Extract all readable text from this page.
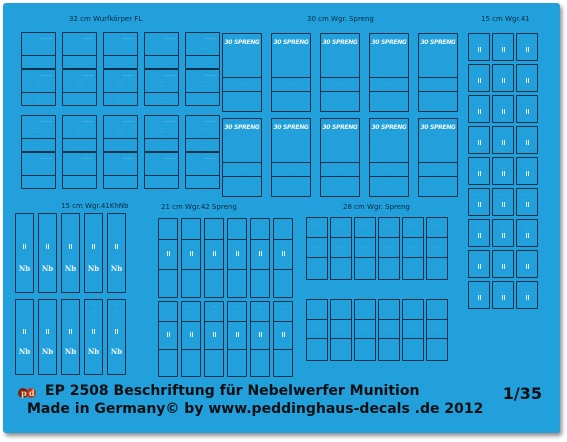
32 cm Wurfkörper FL	30 cm Wgr. Spreng	15 cm Wgr.41
15 cm Wgr.41KhNb	21 cm Wgr.42 Spreng	28 cm Wgr. Spreng
— — —
· · · ·
· · ·
· · ·
· · · ·
— — —
· · · ·
· · ·
· · ·
· · · ·
— — —
· · · ·
· · ·
· · ·
· · · ·
— — —
· · · ·
· · ·
· · ·
· · · ·
— — —
· · · ·
· · ·
· · ·
· · · ·
— — —
· · · ·
· · ·
· · ·
· · · ·
— — —
· · · ·
· · ·
· · ·
· · · ·
— — —
· · · ·
· · ·
· · ·
· · · ·
— — —
· · · ·
· · ·
· · ·
· · · ·
— — —
· · · ·
· · ·
· · ·
· · · ·
— — —
· · · ·
· · ·
· · ·
· · · ·
— — —
· · · ·
· · ·
· · ·
· · · ·
— — —
· · · ·
· · ·
· · ·
· · · ·
— — —
· · · ·
· · ·
· · ·
· · · ·
— — —
· · · ·
· · ·
· · ·
· · · ·
— — —
· · · ·
· · ·
· · ·
· · · ·
— — —
· · · ·
· · ·
· · ·
· · · ·
— — —
· · · ·
· · ·
· · ·
· · · ·
— — —
· · · ·
· · ·
· · ·
· · · ·
— — —
· · · ·
· · ·
· · ·
· · · ·
30 SPRENG
· · · · ·
· · ·
30 SPRENG
· · · · ·
· · ·
30 SPRENG
· · · · ·
· · ·
30 SPRENG
· · · · ·
· · ·
30 SPRENG
· · · · ·
· · ·
30 SPRENG
· · · · ·
· · ·
30 SPRENG
· · · · ·
· · ·
30 SPRENG
· · · · ·
· · ·
30 SPRENG
· · · · ·
· · ·
30 SPRENG
· · · · ·
· · ·
· · ·
· ·
· ·
· · ·
· ·
· ·
· · ·
· ·
· ·
· · ·
· ·
· ·
· · ·
· ·
· ·
· · ·
· ·
· ·
· · ·
· ·
· ·
· · ·
· ·
· ·
· · ·
· ·
· ·
· · ·
· ·
· ·
· · ·
· ·
· ·
· · ·
· ·
· ·
· · ·
· ·
· ·
· · ·
· ·
· ·
· · ·
· ·
· ·
· · ·
· ·
· ·
· · ·
· ·
· ·
· · ·
· ·
· ·
· · ·
· ·
· ·
· · ·
· ·
· ·
· · ·
· ·
· ·
· · ·
· ·
· ·
· · ·
· ·
· ·
· · ·
· ·
· ·
· · ·
· ·
· ·
· · ·
· ·
· ·
· · ·
· ·
· ·
· · ·
· ·
Nb
· · ·
· ·
Nb
· · ·
· ·
Nb
· · ·
· ·
Nb
· · ·
· ·
Nb
· · ·
· ·
Nb
· · ·
· ·
Nb
· · ·
· ·
Nb
· · ·
· ·
Nb
· · ·
· ·
Nb
· · ·
· ·
· · ·
· ·
· · ·
· ·
· · ·
· ·
· · ·
· ·
· · ·
· ·
· · ·
· ·
· · ·
· ·
· · ·
· ·
· · ·
· ·
· · ·
· ·
· · ·
· ·
· · ·
· ·
· · ·
· ·
· · ·
· ·
· · ·
· ·
· · ·
· ·
· · ·
· ·
· · ·
· ·
· · ·
· ·
· · ·
· ·
· · ·
· ·
· · ·
· ·
· · ·
· ·
· · ·
· · · ·
· · ·
· ·
· · ·
· · · ·
· · ·
· ·
· · ·
· · · ·
· · ·
· ·
· · ·
· · · ·
· · ·
· ·
· · ·
· · · ·
· · ·
· ·
· · ·
· · · ·
· · ·
· ·
· · ·
· · · ·
· · ·
· ·
· · ·
· · · ·
· · ·
· ·
· · ·
· · · ·
· · ·
· ·
· · ·
· · · ·
· · ·
· ·
· · ·
· · · ·
· · ·
· ·
· · ·
· · · ·
· · ·
· ·
p d EP 2508 Beschriftung für Nebelwerfer Munition
Made in Germany© by www.peddinghaus-decals .de 2012
1/35
